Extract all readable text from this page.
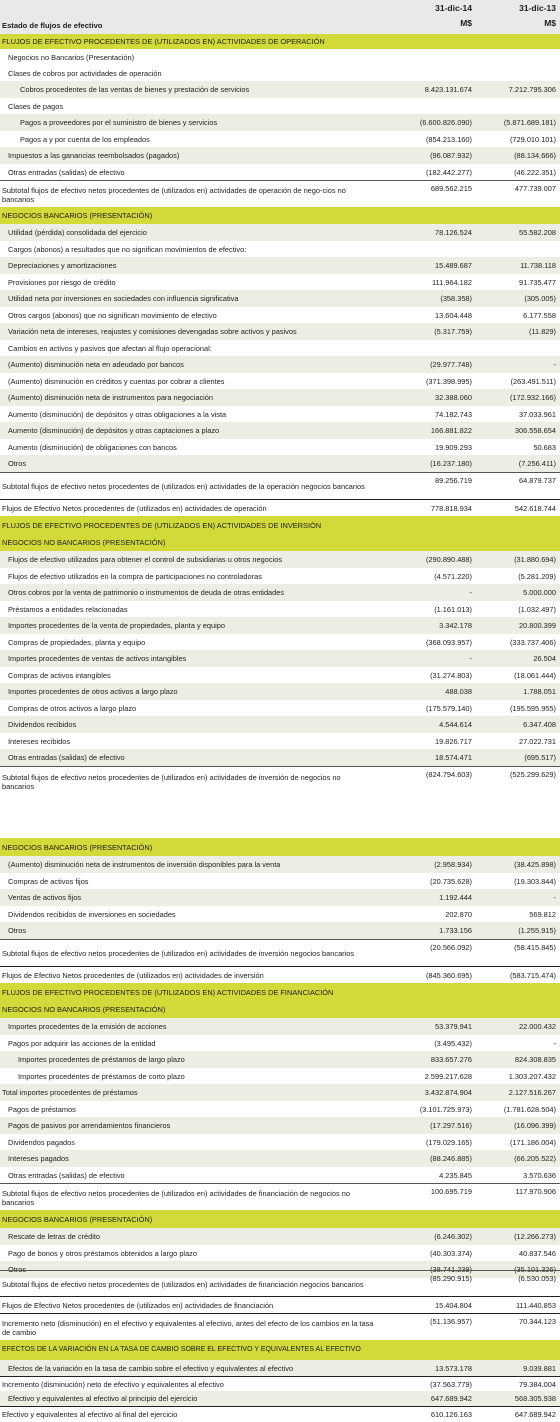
31-dic-14	31-dic-13
M$	M$
Estado de flujos de efectivo
FLUJOS DE EFECTIVO PROCEDENTES DE (UTILIZADOS EN) ACTIVIDADES DE OPERACIÓN
Negocios no Bancarios (Presentación)
Clases de cobros por actividades de operación
Cobros procedentes de las ventas de bienes y prestación de servicios	8.423.131.674	7.212.795.306
Clases de pagos
Pagos a proveedores por el suministro de bienes y servicios	(6.600.826.090)	(5.871.689.181)
Pagos a y por cuenta de los empleados	(854.213.160)	(729.010.101)
Impuestos a las ganancias reembolsados (pagados)	(96.087.932)	(88.134.666)
Otras entradas (salidas) de efectivo	(182.442.277)	(46.222.351)
Subtotal flujos de efectivo netos procedentes de (utilizados en) actividades de operación de nego-cios no bancarios
689.562.215	477.739.007
NEGOCIOS BANCARIOS (PRESENTACIÓN)
Utilidad (pérdida) consolidada del ejercicio	78.126.524	55.582.208
Cargos (abonos) a resultados que no significan movimientos de efectivo:
Depreciaciones y amortizaciones	15.489.687	11.738.118
Provisiones por riesgo de crédito	111.964.182	91.735.477
Utilidad neta por inversiones en sociedades con influencia significativa	(358.358)	(305.005)
Otros cargos (abonos) que no significan movimiento de efectivo	13.604.448	6.177.558
Variación neta de intereses, reajustes y comisiones devengadas sobre activos y pasivos	(5.317.759)	(11.829)
Cambios en activos y pasivos que afectan al flujo operacional:
(Aumento) disminución neta en adeudado por bancos	(29.977.748)	-
(Aumento) disminución en créditos y cuentas por cobrar a clientes	(371.398.995)	(263.491.511)
(Aumento) disminución neta de instrumentos para negociación	32.388.060	(172.932.166)
Aumento (disminución) de depósitos y otras obligaciones a la vista	74.182.743	37.033.961
Aumento (disminución) de depósitos y otras captaciones a plazo	166.881.822	306.558.654
Aumento (disminución) de obligaciones con bancos	19.909.293	50.683
Otros	(16.237.180)	(7.256.411)
Subtotal flujos de efectivo netos procedentes de (utilizados en) actividades de la operación negocios bancarios
89.256.719	64.879.737
Flujos de Efectivo Netos procedentes de (utilizados en) actividades de operación	778.818.934	542.618.744
FLUJOS DE EFECTIVO PROCEDENTES DE (UTILIZADOS EN) ACTIVIDADES DE INVERSIÓN
NEGOCIOS NO BANCARIOS (PRESENTACIÓN)
Flujos de efectivo utilizados para obtener el control de subsidiarias u otros negocios	(290.890.488)	(31.880.694)
Flujos de efectivo utilizados en la compra de participaciones no controladoras	(4.571.220)	(5.281.209)
Otros cobros por la venta de patrimonio o instrumentos de deuda de otras entidades	-	5.000.000
Préstamos a entidades relacionadas	(1.161.013)	(1.032.497)
Importes procedentes de la venta de propiedades, planta y equipo	3.342.178	20.800.399
Compras de propiedades, planta y equipo	(368.093.957)	(333.737.406)
Importes procedentes de ventas de activos intangibles	-	26.504
Compras de activos intangibles	(31.274.803)	(18.061.444)
Importes procedentes de otros activos a largo plazo	488.038	1.788.051
Compras de otros activos a largo plazo	(175.579.140)	(195.595.955)
Dividendos recibidos	4.544.614	6.347.408
Intereses recibidos	19.826.717	27.022.731
Otras entradas (salidas) de efectivo	18.574.471	(695.517)
Subtotal flujos de efectivo netos procedentes de (utilizados en) actividades de inversión de negocios no bancarios
(824.794.603)	(525.299.629)
NEGOCIOS BANCARIOS (PRESENTACIÓN)
(Aumento) disminución neta de instrumentos de inversión disponibles para la venta	(2.958.934)	(38.425.898)
Compras de activos fijos	(20.735.628)	(19.303.844)
Ventas de activos fijos	1.192.444	-
Dividendos recibidos de inversiones en sociedades	202.870	569.812
Otros	1.733.156	(1.255.915)
Subtotal flujos de efectivo netos procedentes de (utilizados en) actividades de inversión negocios bancarios
(20.566.092)	(58.415.845)
Flujos de Efectivo Netos procedentes de (utilizados en) actividades de inversión	(845.360.695)	(583.715.474)
FLUJOS DE EFECTIVO PROCEDENTES DE (UTILIZADOS EN) ACTIVIDADES DE FINANCIACIÓN
NEGOCIOS NO BANCARIOS (PRESENTACIÓN)
Importes procedentes de la emisión de acciones	53.379.941	22.000.432
Pagos por adquirir las acciones de la entidad	(3.495.432)	-
Importes procedentes de préstamos de largo plazo	833.657.276	824.308.835
Importes procedentes de préstamos de corto plazo	2.599.217.628	1.303.207.432
Total importes procedentes de préstamos	3.432.874.904	2.127.516.267
Pagos de préstamos	(3.101.725.973)	(1.781.628.504)
Pagos de pasivos por arrendamientos financieros	(17.297.516)	(16.096.399)
Dividendos pagados	(179.029.165)	(171.186.004)
Intereses pagados	(88.246.885)	(66.205.522)
Otras entradas (salidas) de efectivo	4.235.845	3.570.636
Subtotal flujos de efectivo netos procedentes de (utilizados en) actividades de financiación de negocios no bancarios
100.695.719	117.970.906
NEGOCIOS BANCARIOS (PRESENTACIÓN)
Rescate de letras de crédito	(6.246.302)	(12.266.273)
Pago de bonos y otros préstamos obtenidos a largo plazo	(40.303.374)	40.837.546
Otros	(38.741.239)	(35.101.326)
Subtotal flujos de efectivo netos procedentes de (utilizados en) actividades de financiación negocios bancarios
(85.290.915)	(6.530.053)
Flujos de Efectivo Netos procedentes de (utilizados en) actividades de financiación	15.404.804	111.440.853
Incremento neto (disminución) en el efectivo y equivalentes al efectivo, antes del efecto de los cambios en la tasa de cambio
(51.136.957)	70.344.123
EFECTOS DE LA VARIACIÓN EN LA TASA DE CAMBIO SOBRE EL EFECTIVO Y EQUIVALENTES AL EFECTIVO
Efectos de la variación en la tasa de cambio sobre el efectivo y equivalentes al efectivo	13.573.178	9.039.881
Incremento (disminución) neto de efectivo y equivalentes al efectivo	(37.563.779)	79.384.004
Efectivo y equivalentes al efectivo al principio del ejercicio	647.689.942	568.305.938
Efectivo y equivalentes al efectivo al final del ejercicio	610.126.163	647.689.942
